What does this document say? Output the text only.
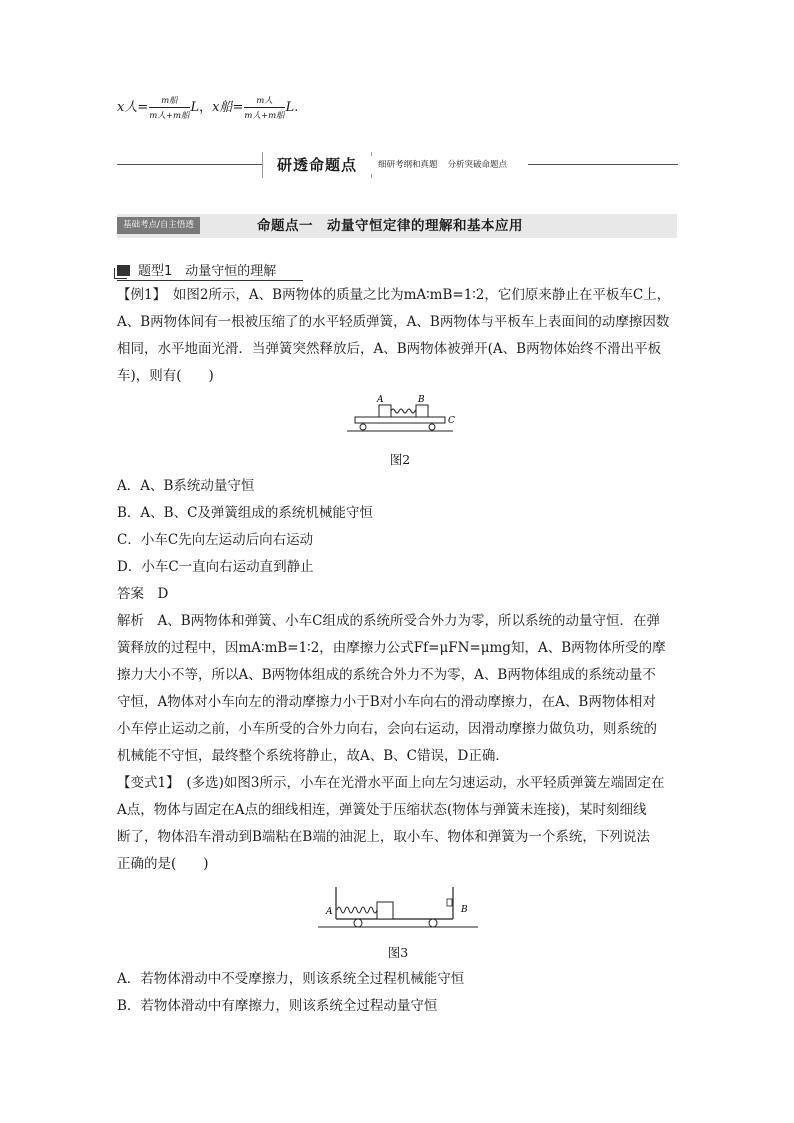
x人= $\frac{\text{m船}}{\text{m人+m船}}$ L，x船= $\frac{\text{m人}}{\text{m人+m船}} L$.
研透命题点	细研考纲和真题 分析突破命题点
基础考点/自主悟透	命题点一　动量守恒定律的理解和基本应用
题型1　动量守恒的理解
【例1】　如图2所示，A、B两物体的质量之比为mA∶mB=1∶2，它们原来静止在平板车C上，
A、B两物体间有一根被压缩了的水平轻质弹簧，A、B两物体与平板车上表面间的动摩擦因数
相同，水平地面光滑．当弹簧突然释放后，A、B两物体被弹开(A、B两物体始终不滑出平板
车)，则有(　　)
A	B
C
图2
A．A、B系统动量守恒
B．A、B、C及弹簧组成的系统机械能守恒
C．小车C先向左运动后向右运动
D．小车C一直向右运动直到静止
答案　D
解析　A、B两物体和弹簧、小车C组成的系统所受合外力为零，所以系统的动量守恒．在弹
簧释放的过程中，因mA∶mB=1∶2，由摩擦力公式Ff=μFN=μmg知，A、B两物体所受的摩
擦力大小不等，所以A、B两物体组成的系统合外力不为零，A、B两物体组成的系统动量不
守恒，A物体对小车向左的滑动摩擦力小于B对小车向右的滑动摩擦力，在A、B两物体相对
小车停止运动之前，小车所受的合外力向右，会向右运动，因滑动摩擦力做负功，则系统的
机械能不守恒，最终整个系统将静止，故A、B、C错误，D正确．
【变式1】　(多选)如图3所示，小车在光滑水平面上向左匀速运动，水平轻质弹簧左端固定在
A点，物体与固定在A点的细线相连，弹簧处于压缩状态(物体与弹簧未连接)，某时刻细线
断了，物体沿车滑动到B端粘在B端的油泥上，取小车、物体和弹簧为一个系统，下列说法
正确的是(　　)
A	B
图3
A．若物体滑动中不受摩擦力，则该系统全过程机械能守恒
B．若物体滑动中有摩擦力，则该系统全过程动量守恒
